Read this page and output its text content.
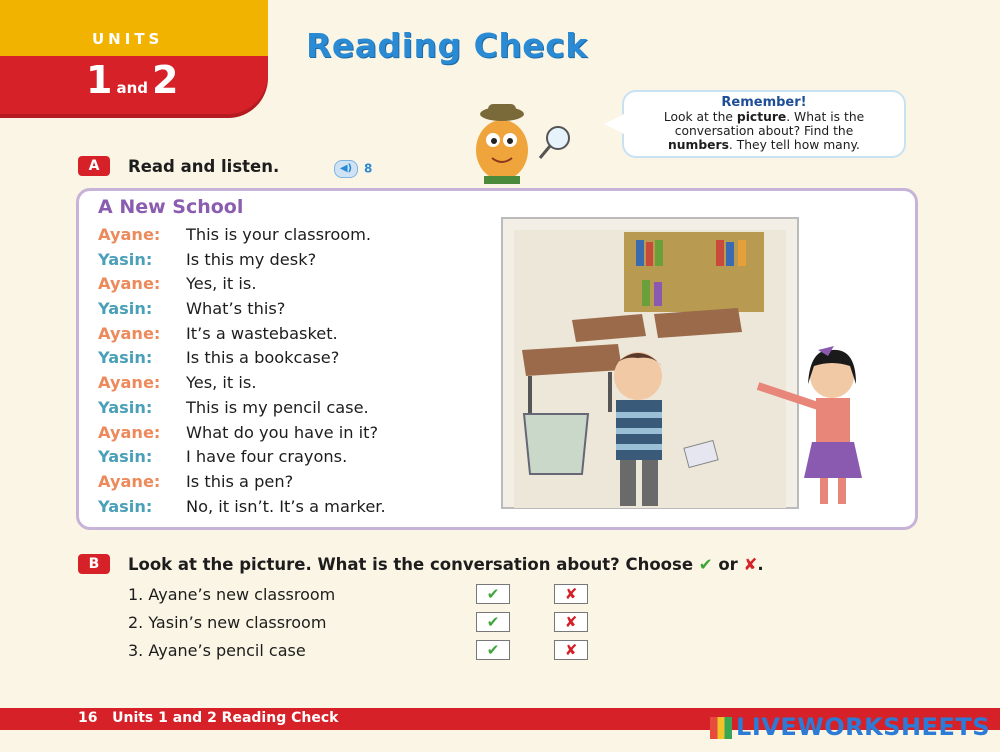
UNITS
1 and 2
Reading Check
Remember!
Look at the picture. What is the
conversation about? Find the
numbers. They tell how many.
A	Read and listen.	◀) 8
A New School
Ayane: This is your classroom.
Yasin: Is this my desk?
Ayane: Yes, it is.
Yasin: What’s this?
Ayane: It’s a wastebasket.
Yasin: Is this a bookcase?
Ayane: Yes, it is.
Yasin: This is my pencil case.
Ayane: What do you have in it?
Yasin: I have four crayons.
Ayane: Is this a pen?
Yasin: No, it isn’t. It’s a marker.
B	Look at the picture. What is the conversation about? Choose ✔ or ✘.
1. Ayane’s new classroom	✔	✘
2. Yasin’s new classroom	✔	✘
3. Ayane’s pencil case	✔	✘
16 Units 1 and 2 Reading Check	LIVEWORKSHEETS
